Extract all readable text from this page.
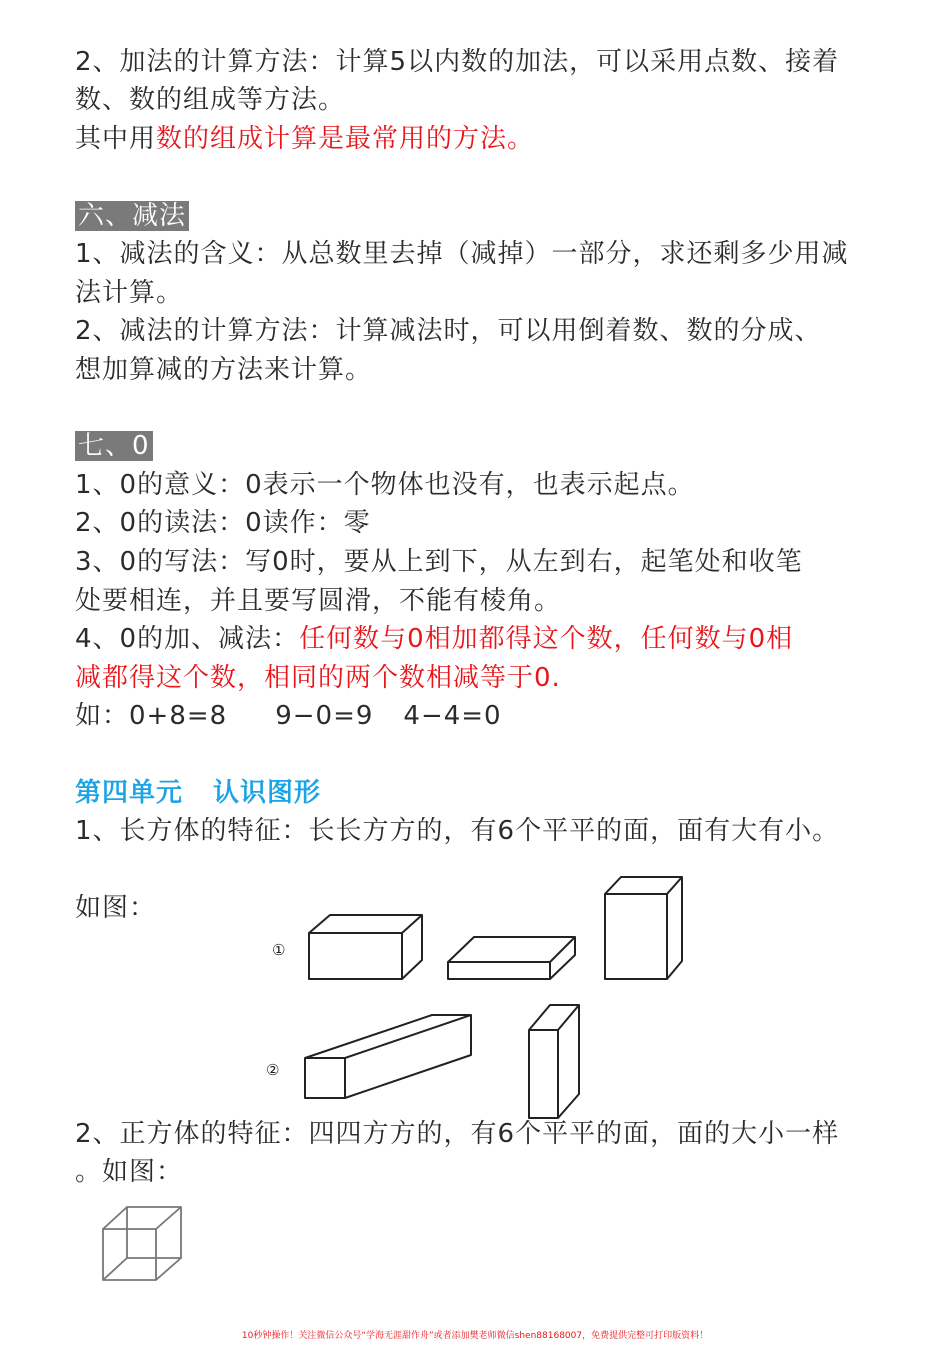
2、加法的计算方法：计算5以内数的加法，可以采用点数、接着
数、数的组成等方法。
其中用数的组成计算是最常用的方法。
六、减法
1、减法的含义：从总数里去掉（减掉）一部分，求还剩多少用减
法计算。
2、减法的计算方法：计算减法时，可以用倒着数、数的分成、
想加算减的方法来计算。
七、0
1、0的意义：0表示一个物体也没有，也表示起点。
2、0的读法：0读作：零
3、0的写法：写0时，要从上到下，从左到右，起笔处和收笔
处要相连，并且要写圆滑，不能有棱角。
4、0的加、减法：任何数与0相加都得这个数，任何数与0相
减都得这个数，相同的两个数相减等于0.
如：0+8=8 9−0=9 4−4=0
第四单元 认识图形
1、长方体的特征：长长方方的，有6个平平的面，面有大有小。
如图：
①
②
2、正方体的特征：四四方方的，有6个平平的面，面的大小一样
。如图：
10秒钟操作！关注微信公众号“学海无涯甜作舟”或者添加樊老师微信shen88168007，免费提供完整可打印版资料！
